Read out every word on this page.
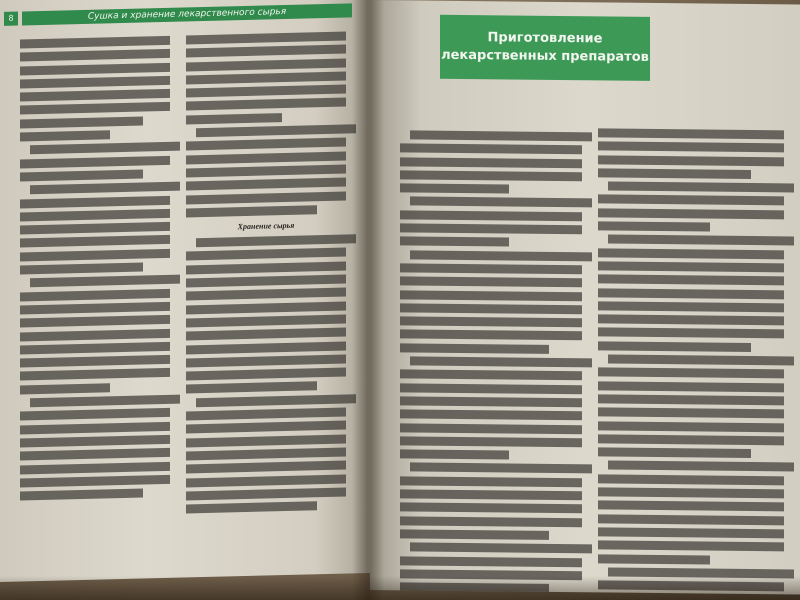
8	Сушка и хранение лекарственного сырья
Хранение сырья
Приготовление
лекарственных препаратов
